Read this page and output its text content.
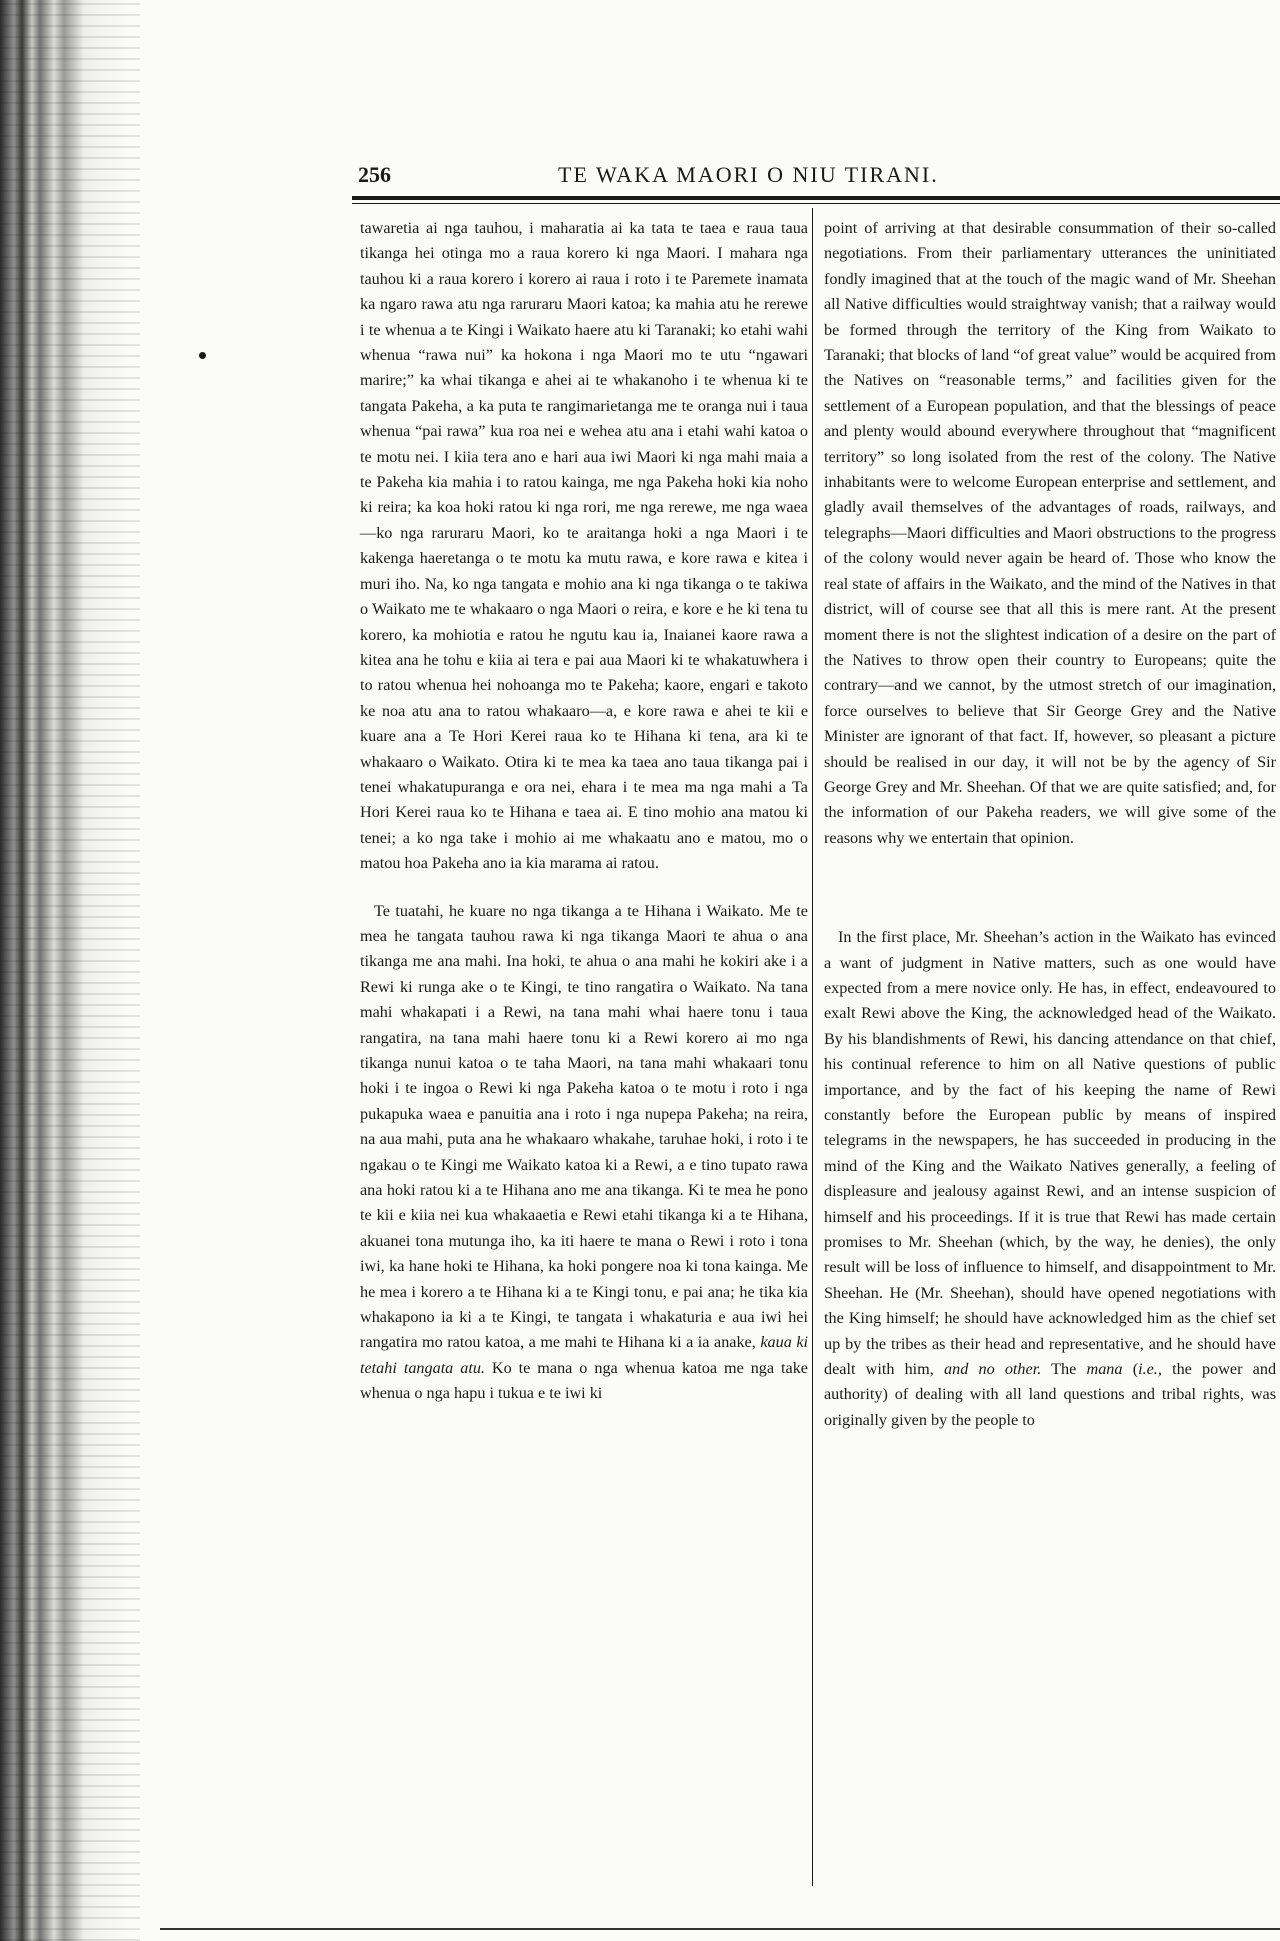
256	TE WAKA MAORI O NIU TIRANI.

tawaretia ai nga tauhou, i maharatia ai ka tata te taea e raua taua tikanga hei otinga mo a raua korero ki nga Maori. I mahara nga tauhou ki a raua korero i korero ai raua i roto i te Paremete inamata ka ngaro rawa atu nga raruraru Maori katoa; ka mahia atu he rerewe i te whenua a te Kingi i Waikato haere atu ki Taranaki; ko etahi wahi whenua “rawa nui” ka hokona i nga Maori mo te utu “ngawari marire;” ka whai tikanga e ahei ai te whakanoho i te whenua ki te tangata Pakeha, a ka puta te rangimarietanga me te oranga nui i taua whenua “pai rawa” kua roa nei e wehea atu ana i etahi wahi katoa o te motu nei. I kiia tera ano e hari aua iwi Maori ki nga mahi maia a te Pakeha kia mahia i to ratou kainga, me nga Pakeha hoki kia noho ki reira; ka koa hoki ratou ki nga rori, me nga rerewe, me nga waea—ko nga raruraru Maori, ko te araitanga hoki a nga Maori i te kakenga haeretanga o te motu ka mutu rawa, e kore rawa e kitea i muri iho. Na, ko nga tangata e mohio ana ki nga tikanga o te takiwa o Waikato me te whakaaro o nga Maori o reira, e kore e he ki tena tu korero, ka mohiotia e ratou he ngutu kau ia, Inaianei kaore rawa a kitea ana he tohu e kiia ai tera e pai aua Maori ki te whakatuwhera i to ratou whenua hei nohoanga mo te Pakeha; kaore, engari e takoto ke noa atu ana to ratou whakaaro—a, e kore rawa e ahei te kii e kuare ana a Te Hori Kerei raua ko te Hihana ki tena, ara ki te whakaaro o Waikato. Otira ki te mea ka taea ano taua tikanga pai i tenei whakatupuranga e ora nei, ehara i te mea ma nga mahi a Ta Hori Kerei raua ko te Hihana e taea ai. E tino mohio ana matou ki tenei; a ko nga take i mohio ai me whakaatu ano e matou, mo o matou hoa Pakeha ano ia kia marama ai ratou.

Te tuatahi, he kuare no nga tikanga a te Hihana i Waikato. Me te mea he tangata tauhou rawa ki nga tikanga Maori te ahua o ana tikanga me ana mahi. Ina hoki, te ahua o ana mahi he kokiri ake i a Rewi ki runga ake o te Kingi, te tino rangatira o Waikato. Na tana mahi whakapati i a Rewi, na tana mahi whai haere tonu i taua rangatira, na tana mahi haere tonu ki a Rewi korero ai mo nga tikanga nunui katoa o te taha Maori, na tana mahi whakaari tonu hoki i te ingoa o Rewi ki nga Pakeha katoa o te motu i roto i nga pukapuka waea e panuitia ana i roto i nga nupepa Pakeha; na reira, na aua mahi, puta ana he whakaaro whakahe, taruhae hoki, i roto i te ngakau o te Kingi me Waikato katoa ki a Rewi, a e tino tupato rawa ana hoki ratou ki a te Hihana ano me ana tikanga. Ki te mea he pono te kii e kiia nei kua whakaaetia e Rewi etahi tikanga ki a te Hihana, akuanei tona mutunga iho, ka iti haere te mana o Rewi i roto i tona iwi, ka hane hoki te Hihana, ka hoki pongere noa ki tona kainga. Me he mea i korero a te Hihana ki a te Kingi tonu, e pai ana; he tika kia whakapono ia ki a te Kingi, te tangata i whakaturia e aua iwi hei rangatira mo ratou katoa, a me mahi te Hihana ki a ia anake, kaua ki tetahi tangata atu. Ko te mana o nga whenua katoa me nga take whenua o nga hapu i tukua e te iwi ki

point of arriving at that desirable consummation of their so-called negotiations. From their parliamentary utterances the uninitiated fondly imagined that at the touch of the magic wand of Mr. Sheehan all Native difficulties would straightway vanish; that a railway would be formed through the territory of the King from Waikato to Taranaki; that blocks of land “of great value” would be acquired from the Natives on “reasonable terms,” and facilities given for the settlement of a European population, and that the blessings of peace and plenty would abound everywhere throughout that “magnificent territory” so long isolated from the rest of the colony. The Native inhabitants were to welcome European enterprise and settlement, and gladly avail themselves of the advantages of roads, railways, and telegraphs—Maori difficulties and Maori obstructions to the progress of the colony would never again be heard of. Those who know the real state of affairs in the Waikato, and the mind of the Natives in that district, will of course see that all this is mere rant. At the present moment there is not the slightest indication of a desire on the part of the Natives to throw open their country to Europeans; quite the contrary—and we cannot, by the utmost stretch of our imagination, force ourselves to believe that Sir George Grey and the Native Minister are ignorant of that fact. If, however, so pleasant a picture should be realised in our day, it will not be by the agency of Sir George Grey and Mr. Sheehan. Of that we are quite satisfied; and, for the information of our Pakeha readers, we will give some of the reasons why we entertain that opinion.

In the first place, Mr. Sheehan’s action in the Waikato has evinced a want of judgment in Native matters, such as one would have expected from a mere novice only. He has, in effect, endeavoured to exalt Rewi above the King, the acknowledged head of the Waikato. By his blandishments of Rewi, his dancing attendance on that chief, his continual reference to him on all Native questions of public importance, and by the fact of his keeping the name of Rewi constantly before the European public by means of inspired telegrams in the newspapers, he has succeeded in producing in the mind of the King and the Waikato Natives generally, a feeling of displeasure and jealousy against Rewi, and an intense suspicion of himself and his proceedings. If it is true that Rewi has made certain promises to Mr. Sheehan (which, by the way, he denies), the only result will be loss of influence to himself, and disappointment to Mr. Sheehan. He (Mr. Sheehan), should have opened negotiations with the King himself; he should have acknowledged him as the chief set up by the tribes as their head and representative, and he should have dealt with him, and no other. The mana (i.e., the power and authority) of dealing with all land questions and tribal rights, was originally given by the people to
